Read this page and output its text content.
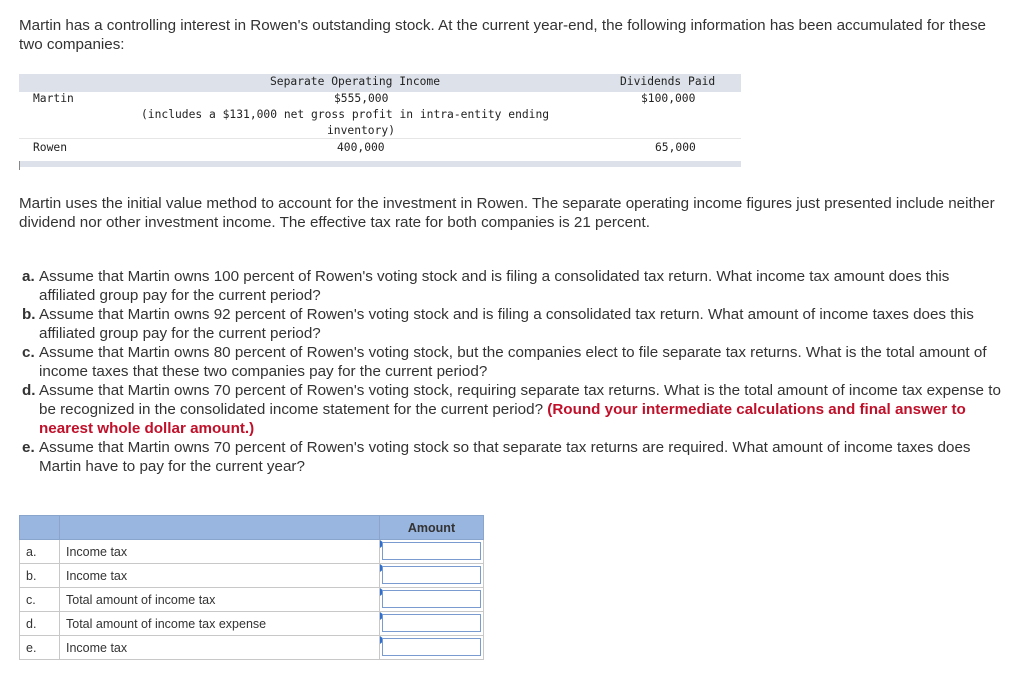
Martin has a controlling interest in Rowen's outstanding stock. At the current year-end, the following information has been accumulated for these two companies:
Separate Operating Income	Dividends Paid
Martin	$555,000	$100,000
(includes a $131,000 net gross profit in intra-entity ending
inventory)
Rowen	400,000	65,000
Martin uses the initial value method to account for the investment in Rowen. The separate operating income figures just presented include neither dividend nor other investment income. The effective tax rate for both companies is 21 percent.
a. Assume that Martin owns 100 percent of Rowen's voting stock and is filing a consolidated tax return. What income tax amount does this affiliated group pay for the current period?
b. Assume that Martin owns 92 percent of Rowen's voting stock and is filing a consolidated tax return. What amount of income taxes does this affiliated group pay for the current period?
c. Assume that Martin owns 80 percent of Rowen's voting stock, but the companies elect to file separate tax returns. What is the total amount of income taxes that these two companies pay for the current period?
d. Assume that Martin owns 70 percent of Rowen's voting stock, requiring separate tax returns. What is the total amount of income tax expense to be recognized in the consolidated income statement for the current period? (Round your intermediate calculations and final answer to nearest whole dollar amount.)
e. Assume that Martin owns 70 percent of Rowen's voting stock so that separate tax returns are required. What amount of income taxes does Martin have to pay for the current year?
		Amount
a.	Income tax	

b.	Income tax	

c.	Total amount of income tax	

d.	Total amount of income tax expense	

e.	Income tax	
